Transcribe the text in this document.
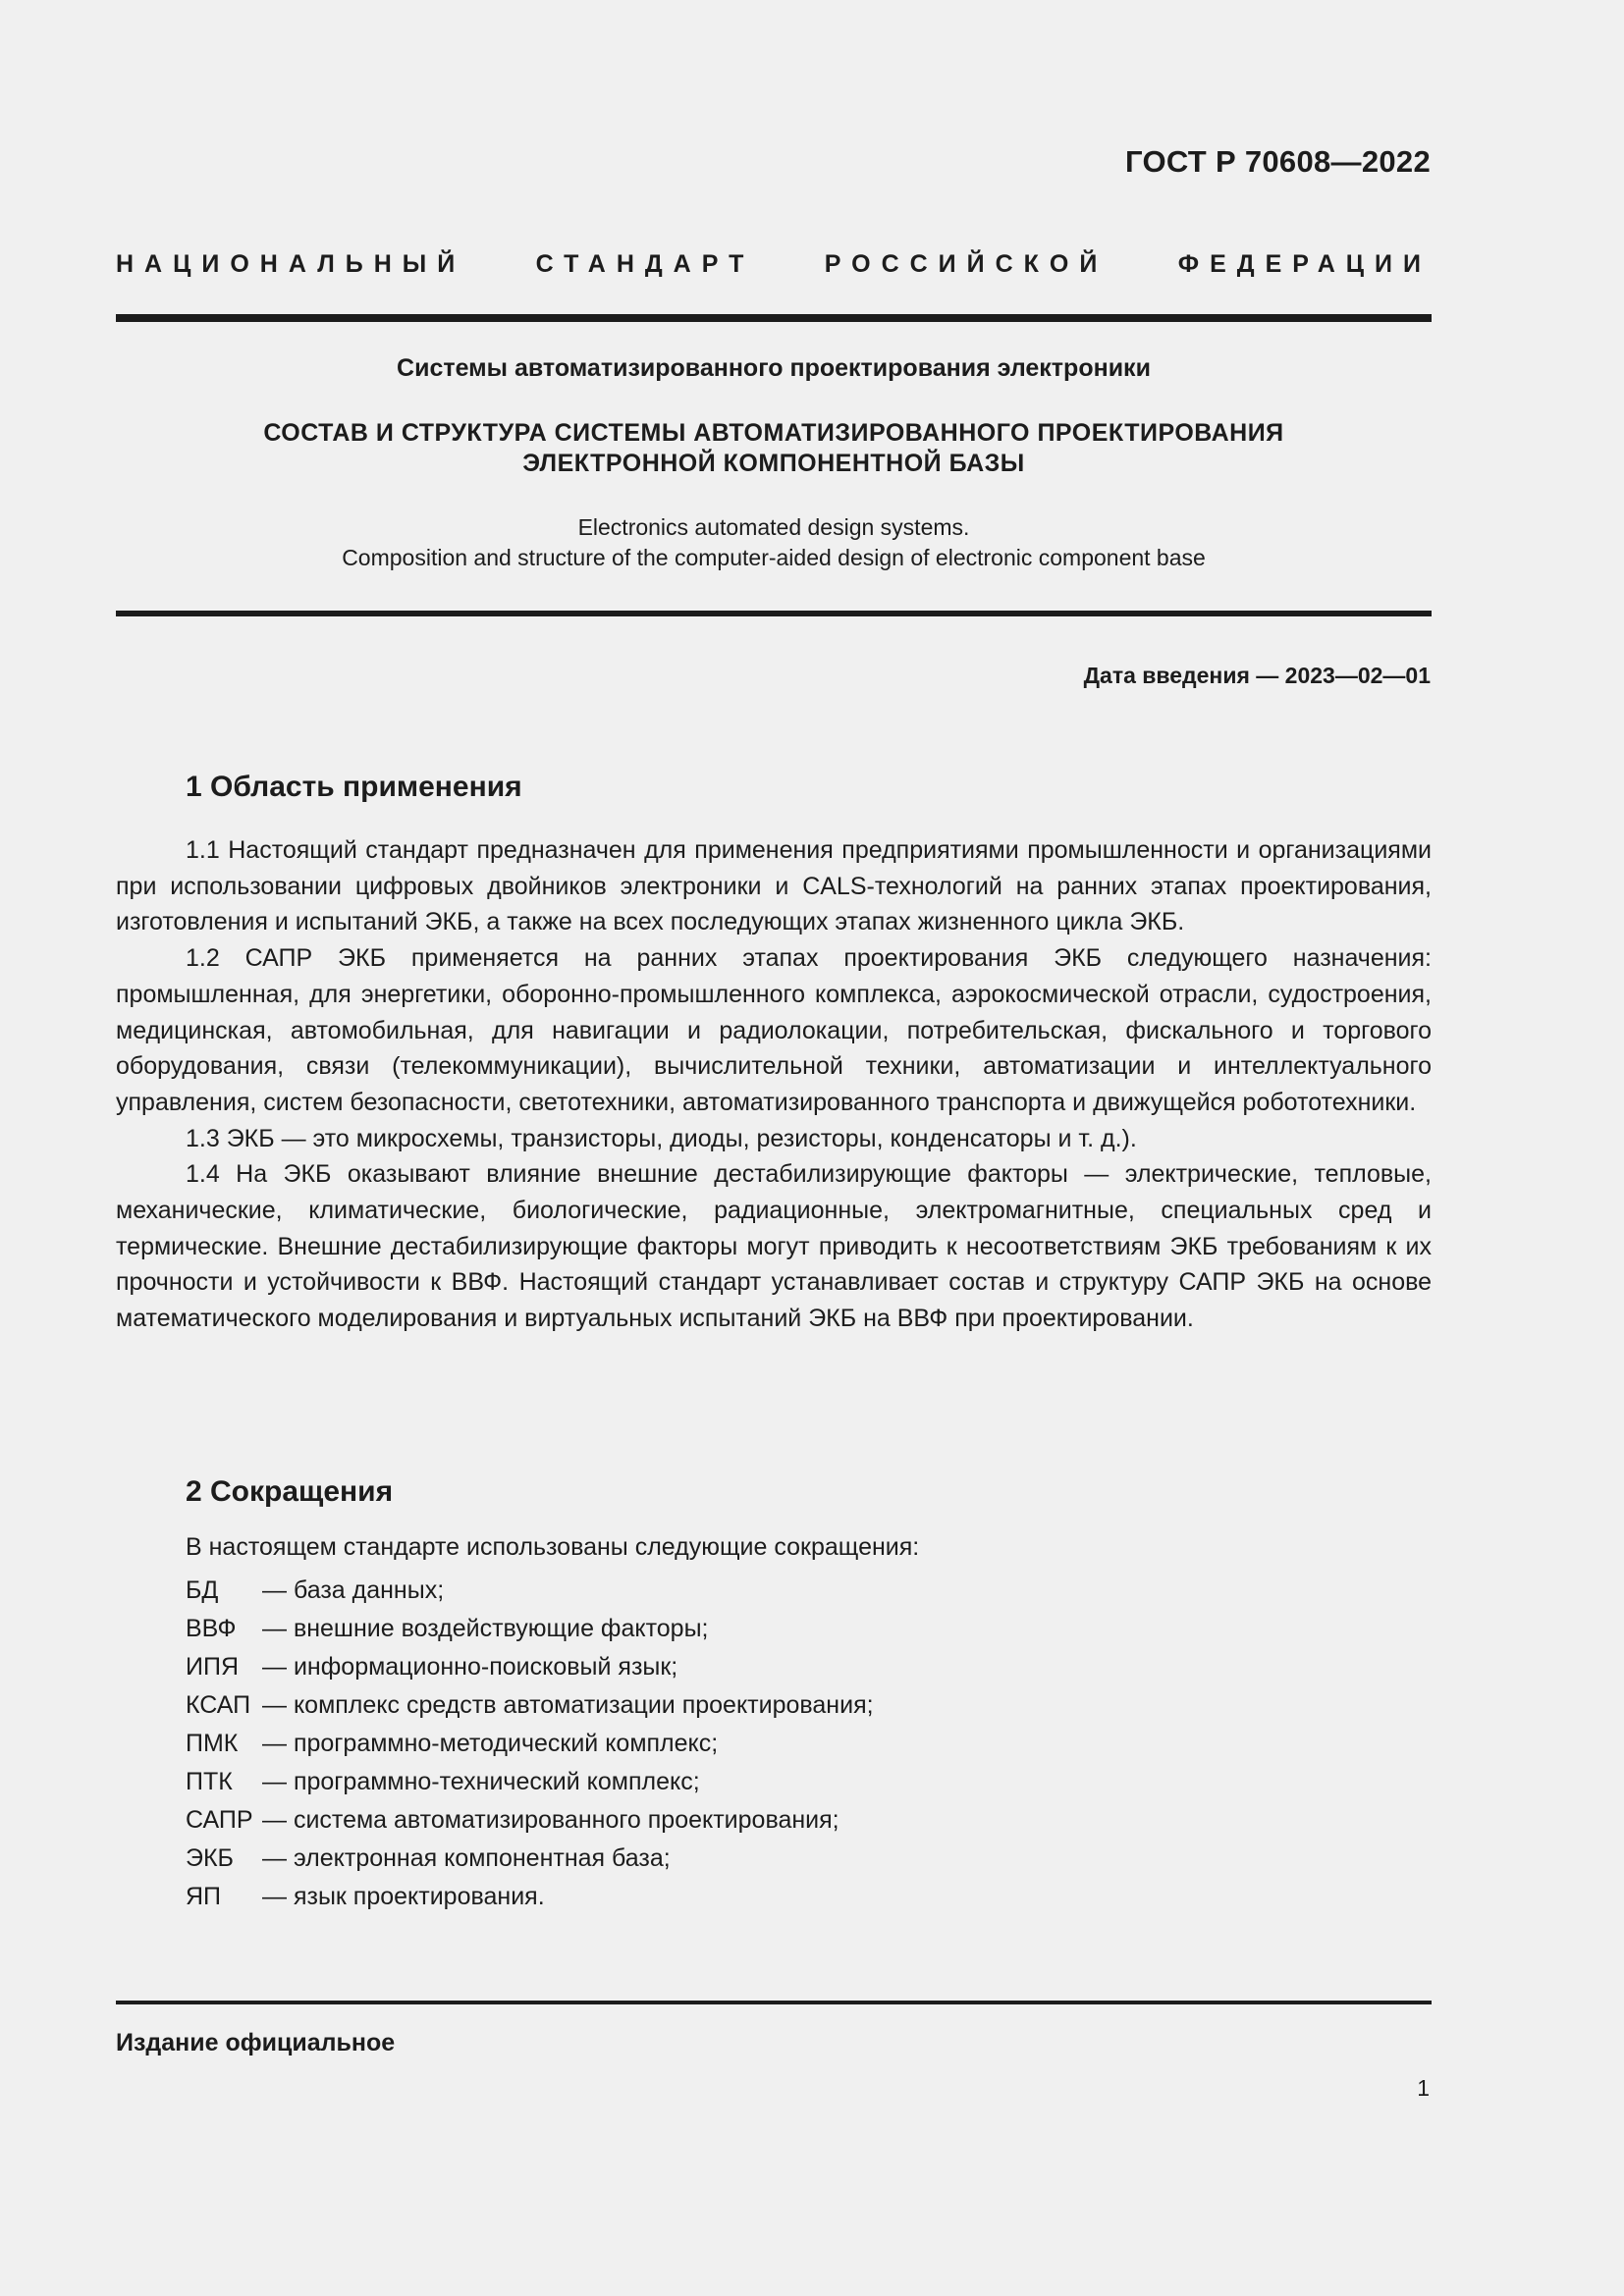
ГОСТ Р 70608—2022
НАЦИОНАЛЬНЫЙ СТАНДАРТ РОССИЙСКОЙ ФЕДЕРАЦИИ
Системы автоматизированного проектирования электроники
СОСТАВ И СТРУКТУРА СИСТЕМЫ АВТОМАТИЗИРОВАННОГО ПРОЕКТИРОВАНИЯ
ЭЛЕКТРОННОЙ КОМПОНЕНТНОЙ БАЗЫ
Electronics automated design systems.
Composition and structure of the computer-aided design of electronic component base
Дата введения — 2023—02—01
1 Область применения

1.1 Настоящий стандарт предназначен для применения предприятиями промышленности и организациями при использовании цифровых двойников электроники и CALS-технологий на ранних этапах проектирования, изготовления и испытаний ЭКБ, а также на всех последующих этапах жизненного цикла ЭКБ.

1.2 САПР ЭКБ применяется на ранних этапах проектирования ЭКБ следующего назначения: промышленная, для энергетики, оборонно-промышленного комплекса, аэрокосмической отрасли, судостроения, медицинская, автомобильная, для навигации и радиолокации, потребительская, фискального и торгового оборудования, связи (телекоммуникации), вычислительной техники, автоматизации и интеллектуального управления, систем безопасности, светотехники, автоматизированного транспорта и движущейся робототехники.

1.3 ЭКБ — это микросхемы, транзисторы, диоды, резисторы, конденсаторы и т. д.).

1.4 На ЭКБ оказывают влияние внешние дестабилизирующие факторы — электрические, тепловые, механические, климатические, биологические, радиационные, электромагнитные, специальных сред и термические. Внешние дестабилизирующие факторы могут приводить к несоответствиям ЭКБ требованиям к их прочности и устойчивости к ВВФ. Настоящий стандарт устанавливает состав и структуру САПР ЭКБ на основе математического моделирования и виртуальных испытаний ЭКБ на ВВФ при проектировании.

2 Сокращения
В настоящем стандарте использованы следующие сокращения:
БД	— база данных;
ВВФ	— внешние воздействующие факторы;
ИПЯ — информационно-поисковый язык;
КСАП — комплекс средств автоматизации проектирования;
ПМК — программно-методический комплекс;
ПТК	— программно-технический комплекс;
САПР — система автоматизированного проектирования;
ЭКБ	— электронная компонентная база;
ЯП	— язык проектирования.
Издание официальное
1
